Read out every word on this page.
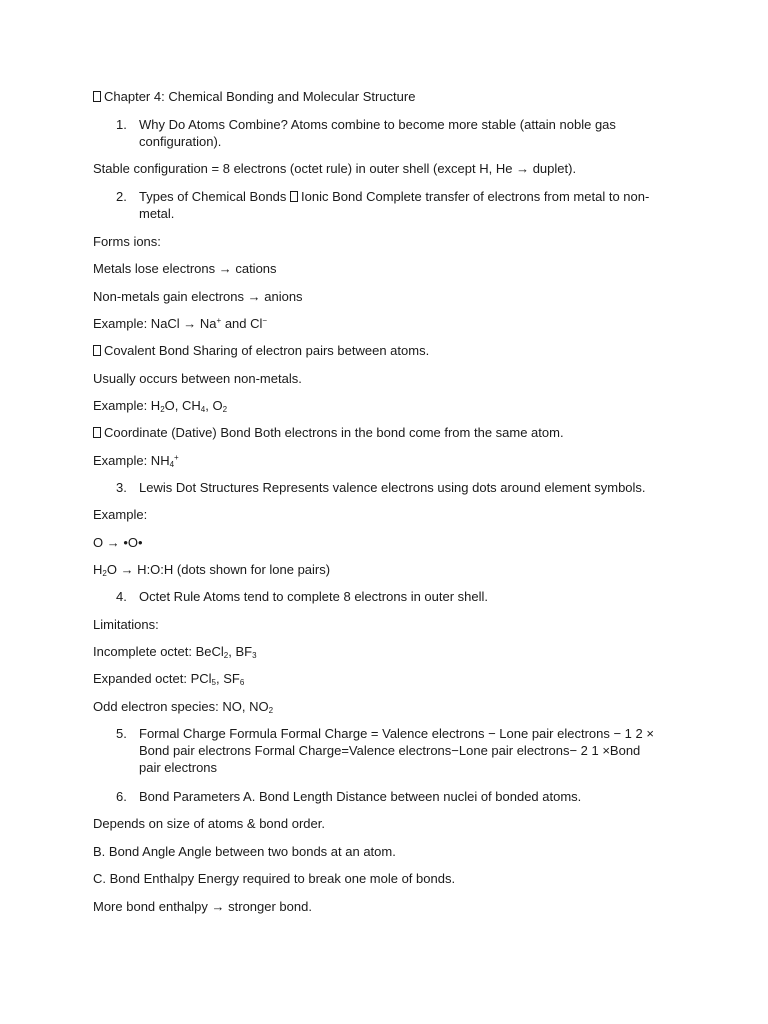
Chapter 4: Chemical Bonding and Molecular Structure
1. Why Do Atoms Combine? Atoms combine to become more stable (attain noble gas configuration).
Stable configuration = 8 electrons (octet rule) in outer shell (except H, He → duplet).
2. Types of Chemical Bonds Ionic Bond Complete transfer of electrons from metal to non-metal.
Forms ions:
Metals lose electrons → cations
Non-metals gain electrons → anions
Example: NaCl → Na+ and Cl−
Covalent Bond Sharing of electron pairs between atoms.
Usually occurs between non-metals.
Example: $H_2O$, $CH_4$, $O_2$
Coordinate (Dative) Bond Both electrons in the bond come from the same atom.
Example: $NH_4^+$
3. Lewis Dot Structures Represents valence electrons using dots around element symbols.
Example:
O → •O•
$H_2O$ → H:O:H (dots shown for lone pairs)
4. Octet Rule Atoms tend to complete 8 electrons in outer shell.
Limitations:
Incomplete octet: BeCl$_2$, $BF_3$
Expanded octet: PCl$_5$, $SF_6$
Odd electron species: NO, $NO_2$
5. Formal Charge Formula Formal Charge = Valence electrons − Lone pair electrons − 1 2 × Bond pair electrons Formal Charge=Valence electrons−Lone pair electrons− 2 1 ×Bond pair electrons
6. Bond Parameters A. Bond Length Distance between nuclei of bonded atoms.
Depends on size of atoms & bond order.
B. Bond Angle Angle between two bonds at an atom.
C. Bond Enthalpy Energy required to break one mole of bonds.
More bond enthalpy → stronger bond.
